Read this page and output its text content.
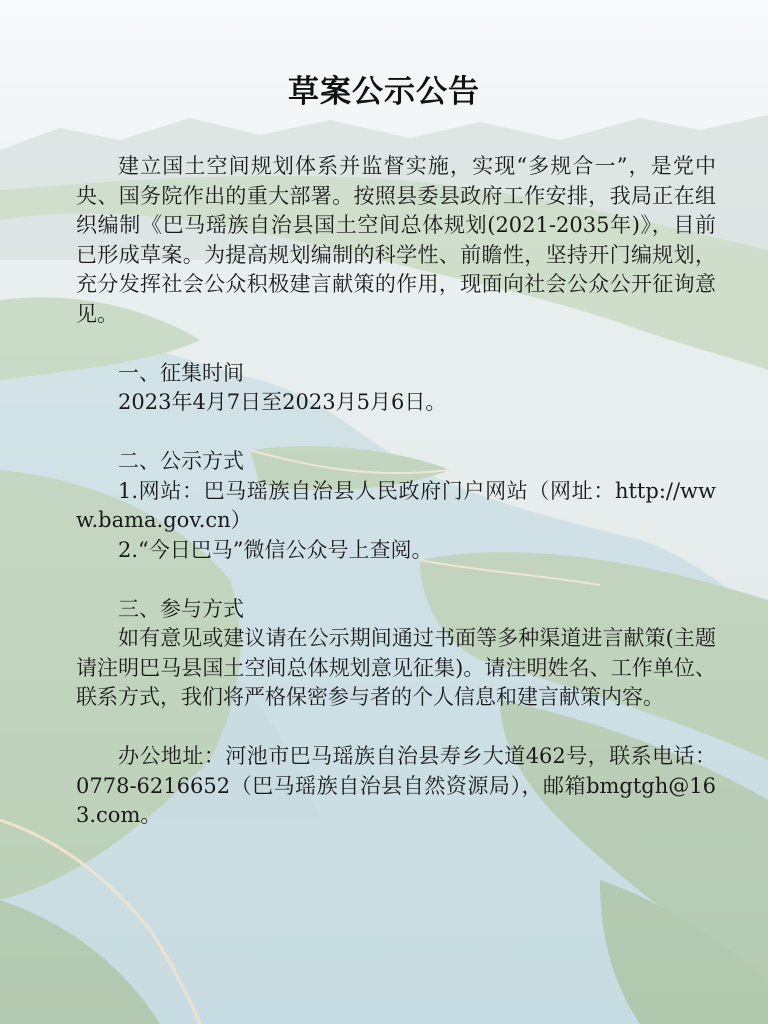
草案公示公告

建立国土空间规划体系并监督实施，实现“多规合一”，是党中央、国务院作出的重大部署。按照县委县政府工作安排，我局正在组织编制《巴马瑶族自治县国土空间总体规划(2021-2035年)》，目前已形成草案。为提高规划编制的科学性、前瞻性，坚持开门编规划，充分发挥社会公众积极建言献策的作用，现面向社会公众公开征询意见。

一、征集时间

2023年4月7日至2023月5月6日。

二、公示方式

1.网站：巴马瑶族自治县人民政府门户网站（网址：http://www.bama.gov.cn）

2.“今日巴马”微信公众号上查阅。

三、参与方式

如有意见或建议请在公示期间通过书面等多种渠道进言献策(主题请注明巴马县国土空间总体规划意见征集)。请注明姓名、工作单位、联系方式，我们将严格保密参与者的个人信息和建言献策内容。

办公地址：河池市巴马瑶族自治县寿乡大道462号，联系电话：0778-6216652（巴马瑶族自治县自然资源局），邮箱bmgtgh@163.com。
